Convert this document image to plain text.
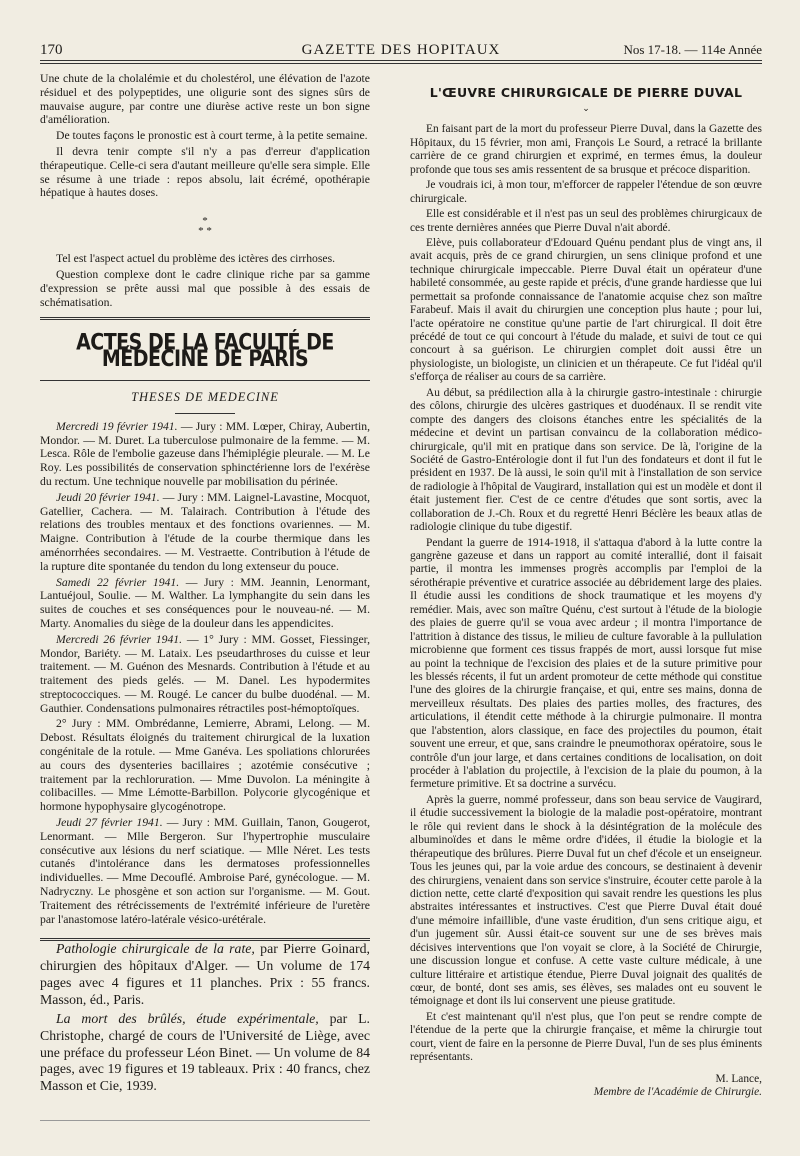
170	GAZETTE DES HOPITAUX	Nos 17-18. — 114e Année

Une chute de la cholalémie et du cholestérol, une élévation de l'azote résiduel et des polypeptides, une oligurie sont des signes sûrs de mauvaise augure, par contre une diurèse active reste un bon signe d'amélioration.

De toutes façons le pronostic est à court terme, à la petite semaine.

Il devra tenir compte s'il n'y a pas d'erreur d'application thérapeutique. Celle-ci sera d'autant meilleure qu'elle sera simple. Elle se résume à une triade : repos absolu, lait écrémé, opothérapie hépatique à hautes doses.

*
* *

Tel est l'aspect actuel du problème des ictères des cirrhoses.

Question complexe dont le cadre clinique riche par sa gamme d'expression se prête aussi mal que possible à des essais de schématisation.

ACTES DE LA FACULTÉ DE MÉDECINE DE PARIS
THESES DE MEDECINE

Mercredi 19 février 1941. — Jury : MM. Lœper, Chiray, Aubertin, Mondor. — M. Duret. La tuberculose pulmonaire de la femme. — M. Lesca. Rôle de l'embolie gazeuse dans l'hémiplégie pleurale. — M. Le Roy. Les possibilités de conservation sphinctérienne lors de l'exérèse du rectum. Une technique nouvelle par mobilisation du périnée.

Jeudi 20 février 1941. — Jury : MM. Laignel-Lavastine, Mocquot, Gatellier, Cachera. — M. Talairach. Contribution à l'étude des relations des troubles mentaux et des fonctions ovariennes. — M. Maigne. Contribution à l'étude de la courbe thermique dans les aménorrhées secondaires. — M. Vestraette. Contribution à l'étude de la rupture dite spontanée du tendon du long extenseur du pouce.

Samedi 22 février 1941. — Jury : MM. Jeannin, Lenormant, Lantuéjoul, Soulie. — M. Walther. La lymphangite du sein dans les suites de couches et ses conséquences pour le nouveau-né. — M. Marty. Anomalies du siège de la douleur dans les appendicites.

Mercredi 26 février 1941. — 1° Jury : MM. Gosset, Fiessinger, Mondor, Bariéty. — M. Lataix. Les pseudarthroses du cuisse et leur traitement. — M. Guénon des Mesnards. Contribution à l'étude et au traitement des pieds gelés. — M. Danel. Les hypodermites streptococciques. — M. Rougé. Le cancer du bulbe duodénal. — M. Gauthier. Condensations pulmonaires rétractiles post-hémoptoïques.

2° Jury : MM. Ombrédanne, Lemierre, Abrami, Lelong. — M. Debost. Résultats éloignés du traitement chirurgical de la luxation congénitale de la rotule. — Mme Ganéva. Les spoliations chlorurées au cours des dysenteries bacillaires ; azotémie consécutive ; traitement par la rechloruration. — Mme Duvolon. La méningite à colibacilles. — Mme Lémotte-Barbillon. Polycorie glycogénique et hormone hypophysaire glycogénotrope.

Jeudi 27 février 1941. — Jury : MM. Guillain, Tanon, Gougerot, Lenormant. — Mlle Bergeron. Sur l'hypertrophie musculaire consécutive aux lésions du nerf sciatique. — Mlle Néret. Les tests cutanés d'intolérance dans les dermatoses professionnelles individuelles. — Mme Decouflé. Ambroise Paré, gynécologue. — M. Nadryczny. Le phosgène et son action sur l'organisme. — M. Gout. Traitement des rétrécissements de l'extrémité inférieure de l'uretère par l'anastomose latéro-latérale vésico-urétérale.

Pathologie chirurgicale de la rate, par Pierre Goinard, chirurgien des hôpitaux d'Alger. — Un volume de 174 pages avec 4 figures et 11 planches. Prix : 55 francs. Masson, éd., Paris.

La mort des brûlés, étude expérimentale, par L. Christophe, chargé de cours de l'Université de Liège, avec une préface du professeur Léon Binet. — Un volume de 84 pages, avec 19 figures et 19 tableaux. Prix : 40 francs, chez Masson et Cie, 1939.

L'ŒUVRE CHIRURGICALE DE PIERRE DUVAL
⌄

En faisant part de la mort du professeur Pierre Duval, dans la Gazette des Hôpitaux, du 15 février, mon ami, François Le Sourd, a retracé la brillante carrière de ce grand chirurgien et exprimé, en termes émus, la douleur profonde que tous ses amis ressentent de sa brusque et précoce disparition.

Je voudrais ici, à mon tour, m'efforcer de rappeler l'étendue de son œuvre chirurgicale.

Elle est considérable et il n'est pas un seul des problèmes chirurgicaux de ces trente dernières années que Pierre Duval n'ait abordé.

Elève, puis collaborateur d'Edouard Quénu pendant plus de vingt ans, il avait acquis, près de ce grand chirurgien, un sens clinique profond et une technique chirurgicale impeccable. Pierre Duval était un opérateur d'une habileté consommée, au geste rapide et précis, d'une grande hardiesse que lui permettait sa profonde connaissance de l'anatomie acquise chez son maître Farabeuf. Mais il avait du chirurgien une conception plus haute ; pour lui, l'acte opératoire ne constitue qu'une partie de l'art chirurgical. Il doit être précédé de tout ce qui concourt à l'étude du malade, et suivi de tout ce qui concourt à sa guérison. Le chirurgien complet doit aussi être un physiologiste, un biologiste, un clinicien et un thérapeute. Ce fut l'idéal qu'il s'efforça de réaliser au cours de sa carrière.

Au début, sa prédilection alla à la chirurgie gastro-intestinale : chirurgie des côlons, chirurgie des ulcères gastriques et duodénaux. Il se rendit vite compte des dangers des cloisons étanches entre les spécialités de la médecine et devint un partisan convaincu de la collaboration médico-chirurgicale, qu'il mit en pratique dans son service. De là, l'origine de la Société de Gastro-Entérologie dont il fut l'un des fondateurs et dont il fut le président en 1937. De là aussi, le soin qu'il mit à l'installation de son service de radiologie à l'hôpital de Vaugirard, installation qui est un modèle et dont il était justement fier. C'est de ce centre d'études que sont sortis, avec la collaboration de J.-Ch. Roux et du regretté Henri Béclère les beaux atlas de radiologie clinique du tube digestif.

Pendant la guerre de 1914-1918, il s'attaqua d'abord à la lutte contre la gangrène gazeuse et dans un rapport au comité interallié, dont il faisait partie, il montra les immenses progrès accomplis par l'emploi de la sérothérapie préventive et curatrice associée au débridement large des plaies. Il étudie aussi les conditions de shock traumatique et les moyens d'y remédier. Mais, avec son maître Quénu, c'est surtout à l'étude de la biologie des plaies de guerre qu'il se voua avec ardeur ; il montra l'importance de l'attrition à distance des tissus, le milieu de culture favorable à la pullulation microbienne que forment ces tissus frappés de mort, aussi lorsque fut mise au point la technique de l'excision des plaies et de la suture primitive pour les blessés récents, il fut un ardent promoteur de cette méthode qui constitue l'une des gloires de la chirurgie française, et qui, entre ses mains, donna de merveilleux résultats. Des plaies des parties molles, des fractures, des articulations, il étendit cette méthode à la chirurgie pulmonaire. Il montra que l'abstention, alors classique, en face des projectiles du poumon, était souvent une erreur, et que, sans craindre le pneumothorax opératoire, sous le contrôle d'un jour large, et dans certaines conditions de localisation, on doit procéder à l'ablation du projectile, à l'excision de la plaie du poumon, à la fermeture primitive. Et sa doctrine a survécu.

Après la guerre, nommé professeur, dans son beau service de Vaugirard, il étudie successivement la biologie de la maladie post-opératoire, montrant le rôle qui revient dans le shock à la désintégration de la molécule des albuminoïdes et dans le même ordre d'idées, il étudie la biologie et la thérapeutique des brûlures. Pierre Duval fut un chef d'école et un enseigneur. Tous les jeunes qui, par la voie ardue des concours, se destinaient à devenir des chirurgiens, venaient dans son service s'instruire, écouter cette parole à la diction nette, cette clarté d'exposition qui savait rendre les questions les plus abstraites intéressantes et instructives. C'est que Pierre Duval était doué d'une mémoire infaillible, d'une vaste érudition, d'un sens critique aigu, et d'un jugement sûr. Aussi était-ce souvent sur une de ses brèves mais décisives interventions que l'on voyait se clore, à la Société de Chirurgie, une discussion longue et confuse. A cette vaste culture médicale, à une culture littéraire et artistique étendue, Pierre Duval joignait des qualités de cœur, de bonté, dont ses amis, ses élèves, ses malades ont eu souvent le témoignage et dont ils lui conservent une pieuse gratitude.

Et c'est maintenant qu'il n'est plus, que l'on peut se rendre compte de l'étendue de la perte que la chirurgie française, et même la chirurgie tout court, vient de faire en la personne de Pierre Duval, l'un de ses plus éminents représentants.

M. Lance,
Membre de l'Académie de Chirurgie.
